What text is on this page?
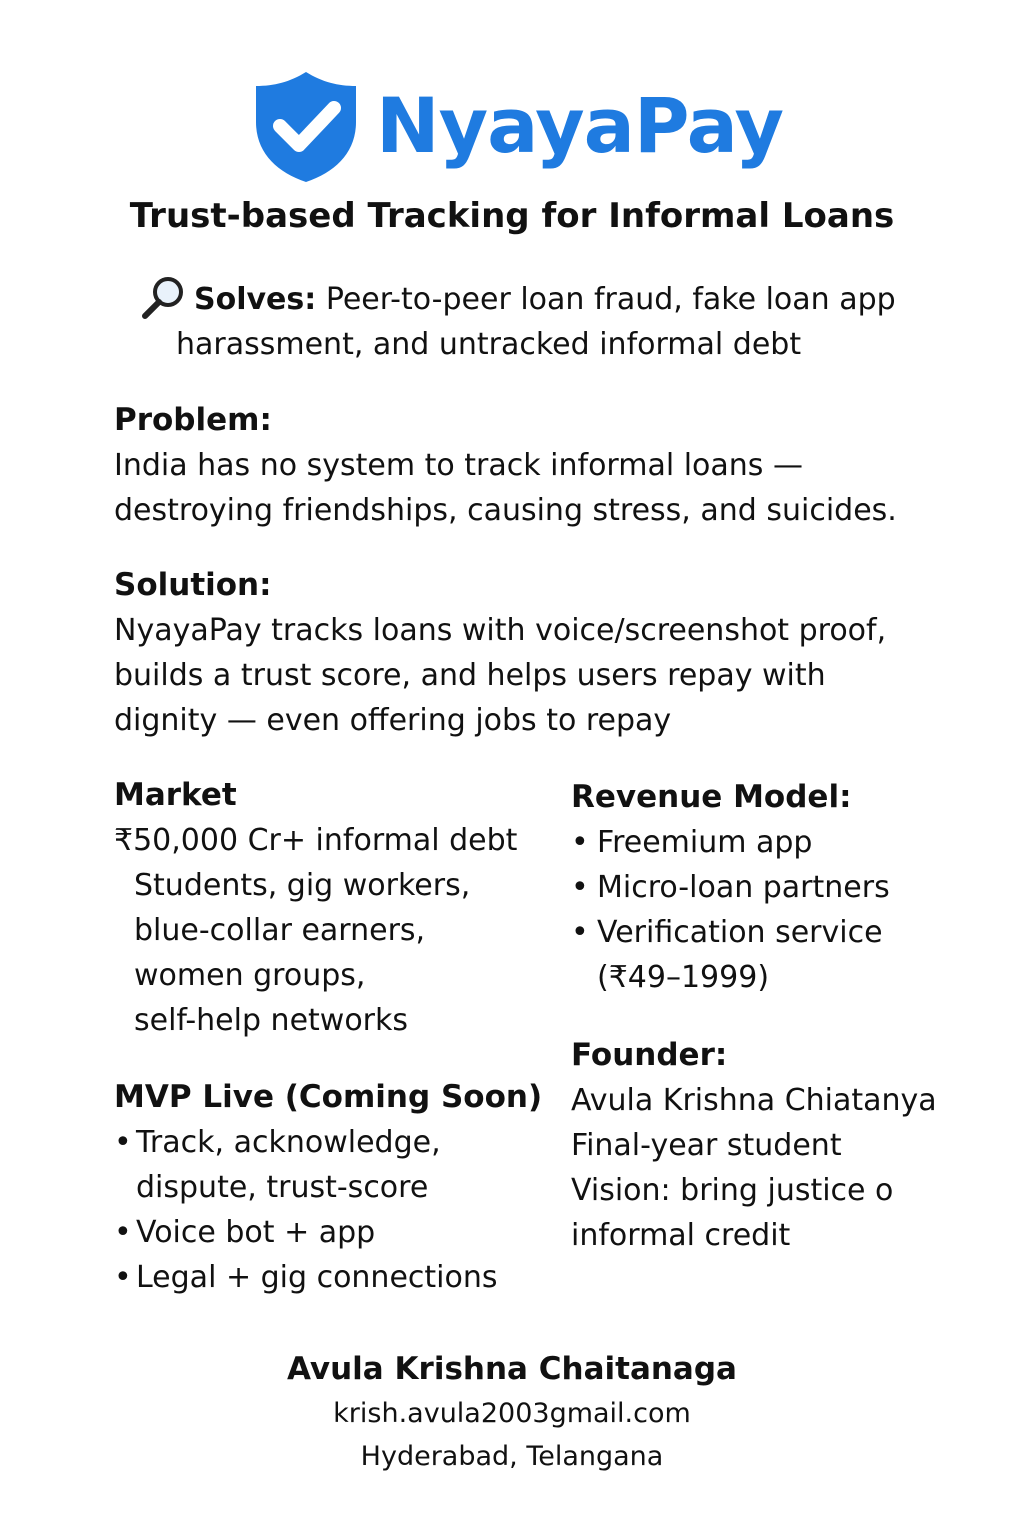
NyayaPay
Trust-based Tracking for Informal Loans
Solves: Peer-to-peer loan fraud, fake loan app
harassment, and untracked informal debt
Problem:
India has no system to track informal loans —
destroying friendships, causing stress, and suicides.
Solution:
NyayaPay tracks loans with voice/screenshot proof,
builds a trust score, and helps users repay with
dignity — even offering jobs to repay
Market
₹50,000 Cr+ informal debt
Students, gig workers,
blue-collar earners,
women groups,
self-help networks
MVP Live (Coming Soon)
• Track, acknowledge,
dispute, trust-score
• Voice bot + app
• Legal + gig connections
Revenue Model:
• Freemium app
• Micro-loan partners
• Verification service
(₹49–1999)
Founder:
Avula Krishna Chiatanya
Final-year student
Vision: bring justice o
informal credit
Avula Krishna Chaitanaga
krish.avula2003gmail.com
Hyderabad, Telangana
